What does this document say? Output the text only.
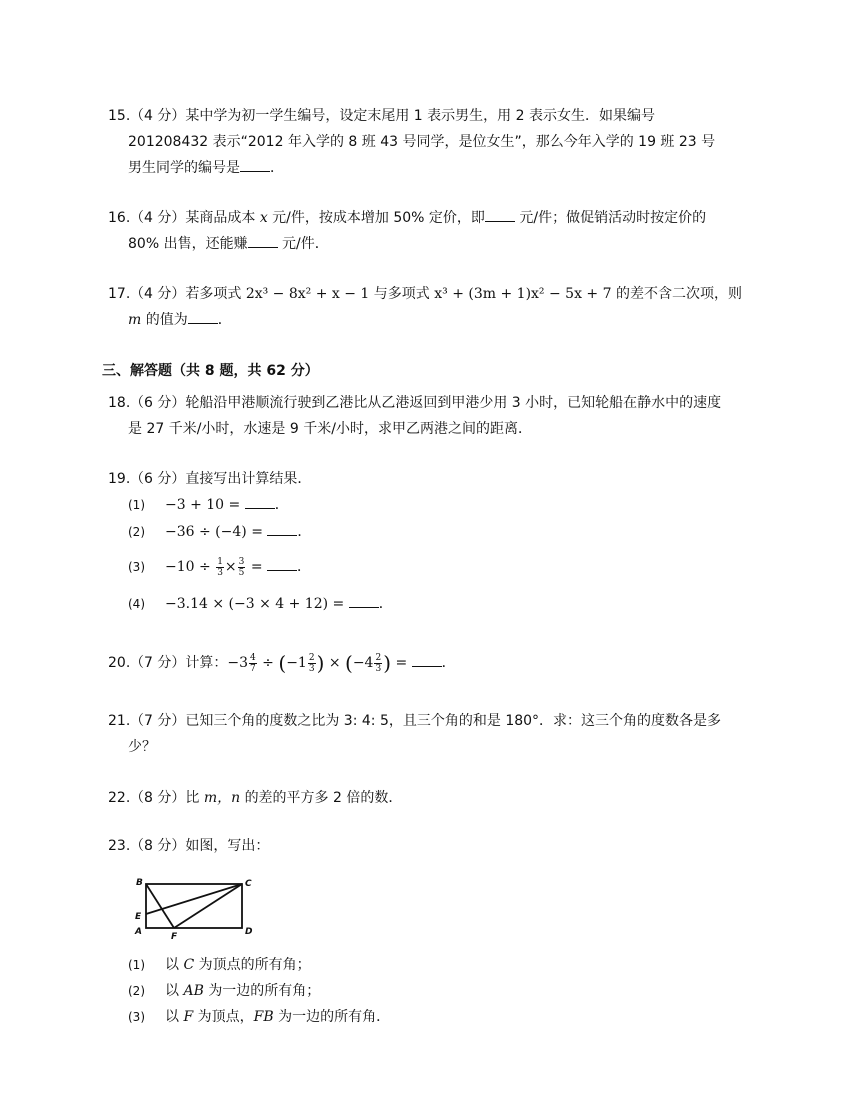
15.（4 分）某中学为初一学生编号，设定末尾用 1 表示男生，用 2 表示女生．如果编号
201208432 表示“2012 年入学的 8 班 43 号同学，是位女生”，那么今年入学的 19 班 23 号
男生同学的编号是 ．
16.（4 分）某商品成本 x 元/件，按成本增加 50% 定价，即 元/件；做促销活动时按定价的
80% 出售，还能赚 元/件．
17.（4 分）若多项式 2x³ − 8x² + x − 1 与多项式 x³ + (3m + 1)x² − 5x + 7 的差不含二次项，则
m 的值为 ．
三、解答题（共 8 题，共 62 分）
18.（6 分）轮船沿甲港顺流行驶到乙港比从乙港返回到甲港少用 3 小时，已知轮船在静水中的速度
是 27 千米/小时，水速是 9 千米/小时，求甲乙两港之间的距离．
19.（6 分）直接写出计算结果．
(1) −3 + 10 = ．
(2) −36 ÷ (−4) = ．
$(3) -10 \div \frac{1}{3} \times \frac{3}{5}$ = ．
(4) −3.14 × (−3 × 4 + 12) = ．
20.（7 分）计算：$-3 \frac{4}{7} \div (-1 \frac{2}{3}$ ) × ($-4 \frac{2}{3}$ ) = ．
21.（7 分）已知三个角的度数之比为 3: 4: 5，且三个角的和是 180°．求：这三个角的度数各是多
少？
22.（8 分）比 m，n 的差的平方多 2 倍的数．
23.（8 分）如图，写出：
B	C
E
A	F	D
(1) 以 C 为顶点的所有角；
(2) 以 AB 为一边的所有角；
(3) 以 F 为顶点，FB 为一边的所有角．
